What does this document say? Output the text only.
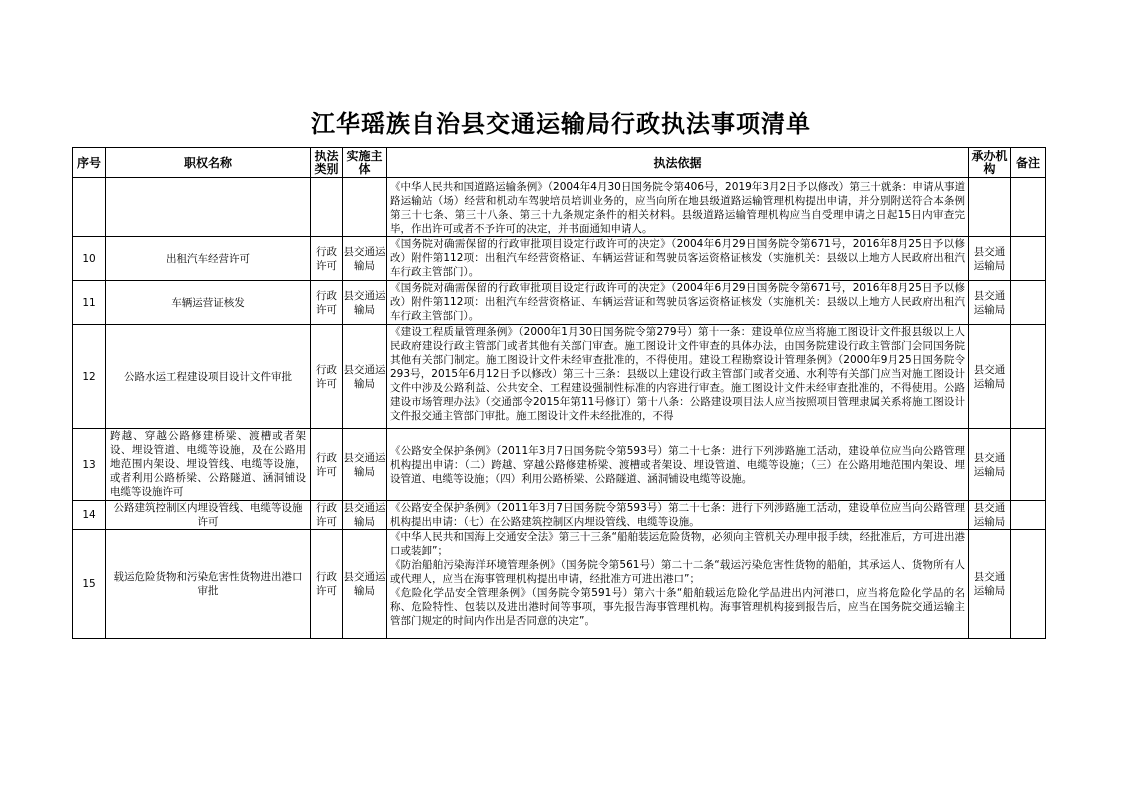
江华瑶族自治县交通运输局行政执法事项清单
序号	职权名称	执法类别	实施主体	执法依据	承办机构	备注

《中华人民共和国道路运输条例》（2004年4月30日国务院令第406号，2019年3月2日予以修改）第三十就条：申请从事道路运输站（场）经营和机动车驾驶培员培训业务的，应当向所在地县级道路运输管理机构提出申请，并分别附送符合本条例第三十七条、第三十八条、第三十九条规定条件的相关材料。县级道路运输管理机构应当自受理申请之日起15日内审查完毕，作出许可或者不予许可的决定，并书面通知申请人。

10	出租汽车经营许可	行政许可	县交通运输局	《国务院对确需保留的行政审批项目设定行政许可的决定》（2004年6月29日国务院令第671号，2016年8月25日予以修改）附件第112项：出租汽车经营资格证、车辆运营证和驾驶员客运资格证核发（实施机关：县级以上地方人民政府出租汽车行政主管部门）。	县交通运输局	

11	车辆运营证核发	行政许可	县交通运输局	《国务院对确需保留的行政审批项目设定行政许可的决定》（2004年6月29日国务院令第671号，2016年8月25日予以修改）附件第112项：出租汽车经营资格证、车辆运营证和驾驶员客运资格证核发（实施机关：县级以上地方人民政府出租汽车行政主管部门）。	县交通运输局	

12	公路水运工程建设项目设计文件审批	行政许可	县交通运输局	《建设工程质量管理条例》（2000年1月30日国务院令第279号）第十一条：建设单位应当将施工图设计文件报县级以上人民政府建设行政主管部门或者其他有关部门审查。施工图设计文件审查的具体办法，由国务院建设行政主管部门会同国务院其他有关部门制定。施工图设计文件未经审查批准的，不得使用。建设工程勘察设计管理条例》（2000年9月25日国务院令293号，2015年6月12日予以修改）第三十三条：县级以上建设行政主管部门或者交通、水利等有关部门应当对施工图设计文件中涉及公路利益、公共安全、工程建设强制性标准的内容进行审查。施工图设计文件未经审查批准的，不得使用。公路建设市场管理办法》（交通部令2015年第11号修订）第十八条：公路建设项目法人应当按照项目管理隶属关系将施工图设计文件报交通主管部门审批。施工图设计文件未经批准的，不得	县交通运输局	

13	跨越、穿越公路修建桥梁、渡槽或者架设、埋设管道、电缆等设施，及在公路用地范围内架设、埋设管线、电缆等设施，或者利用公路桥梁、公路隧道、涵洞铺设电缆等设施许可	行政许可	县交通运输局	《公路安全保护条例》（2011年3月7日国务院令第593号）第二十七条：进行下列涉路施工活动，建设单位应当向公路管理机构提出申请：（二）跨越、穿越公路修建桥梁、渡槽或者架设、埋设管道、电缆等设施；（三）在公路用地范围内架设、埋设管道、电缆等设施；（四）利用公路桥梁、公路隧道、涵洞铺设电缆等设施。	县交通运输局	

14	公路建筑控制区内埋设管线、电缆等设施许可	行政许可	县交通运输局	《公路安全保护条例》（2011年3月7日国务院令第593号）第二十七条：进行下列涉路施工活动，建设单位应当向公路管理机构提出申请：（七）在公路建筑控制区内埋设管线、电缆等设施。	县交通运输局	

15	载运危险货物和污染危害性货物进出港口审批	行政许可	县交通运输局	《中华人民共和国海上交通安全法》第三十三条“船舶装运危险货物，必须向主管机关办理申报手续，经批准后，方可进出港口或装卸”；
《防治船舶污染海洋环境管理条例》（国务院令第561号）第二十二条“载运污染危害性货物的船舶，其承运人、货物所有人或代理人，应当在海事管理机构提出申请，经批准方可进出港口”；
《危险化学品安全管理条例》（国务院令第591号）第六十条“船舶载运危险化学品进出内河港口，应当将危险化学品的名称、危险特性、包装以及进出港时间等事项，事先报告海事管理机构。海事管理机构接到报告后，应当在国务院交通运输主管部门规定的时间内作出是否同意的决定”。	县交通运输局	
